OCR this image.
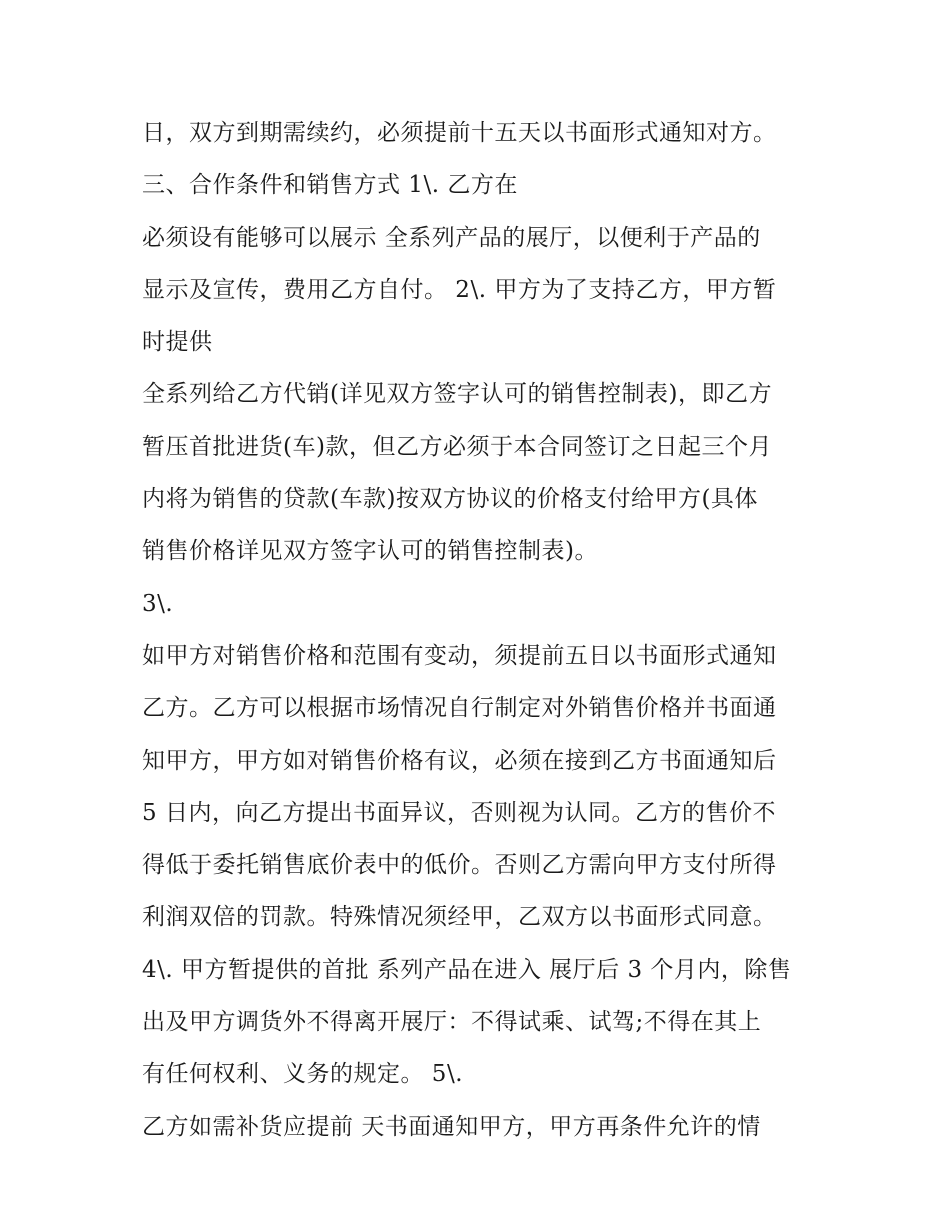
日，双方到期需续约，必须提前十五天以书面形式通知对方。
三、合作条件和销售方式 1\. 乙方在
必须设有能够可以展示 全系列产品的展厅，以便利于产品的
显示及宣传，费用乙方自付。 2\. 甲方为了支持乙方，甲方暂
时提供
全系列给乙方代销(详见双方签字认可的销售控制表)，即乙方
暂压首批进货(车)款，但乙方必须于本合同签订之日起三个月
内将为销售的贷款(车款)按双方协议的价格支付给甲方(具体
销售价格详见双方签字认可的销售控制表)。
3\.
如甲方对销售价格和范围有变动，须提前五日以书面形式通知
乙方。乙方可以根据市场情况自行制定对外销售价格并书面通
知甲方，甲方如对销售价格有议，必须在接到乙方书面通知后
5 日内，向乙方提出书面异议，否则视为认同。乙方的售价不
得低于委托销售底价表中的低价。否则乙方需向甲方支付所得
利润双倍的罚款。特殊情况须经甲，乙双方以书面形式同意。
4\. 甲方暂提供的首批 系列产品在进入 展厅后 3 个月内，除售
出及甲方调货外不得离开展厅：不得试乘、试驾;不得在其上
有任何权利、义务的规定。 5\.
乙方如需补货应提前 天书面通知甲方，甲方再条件允许的情
